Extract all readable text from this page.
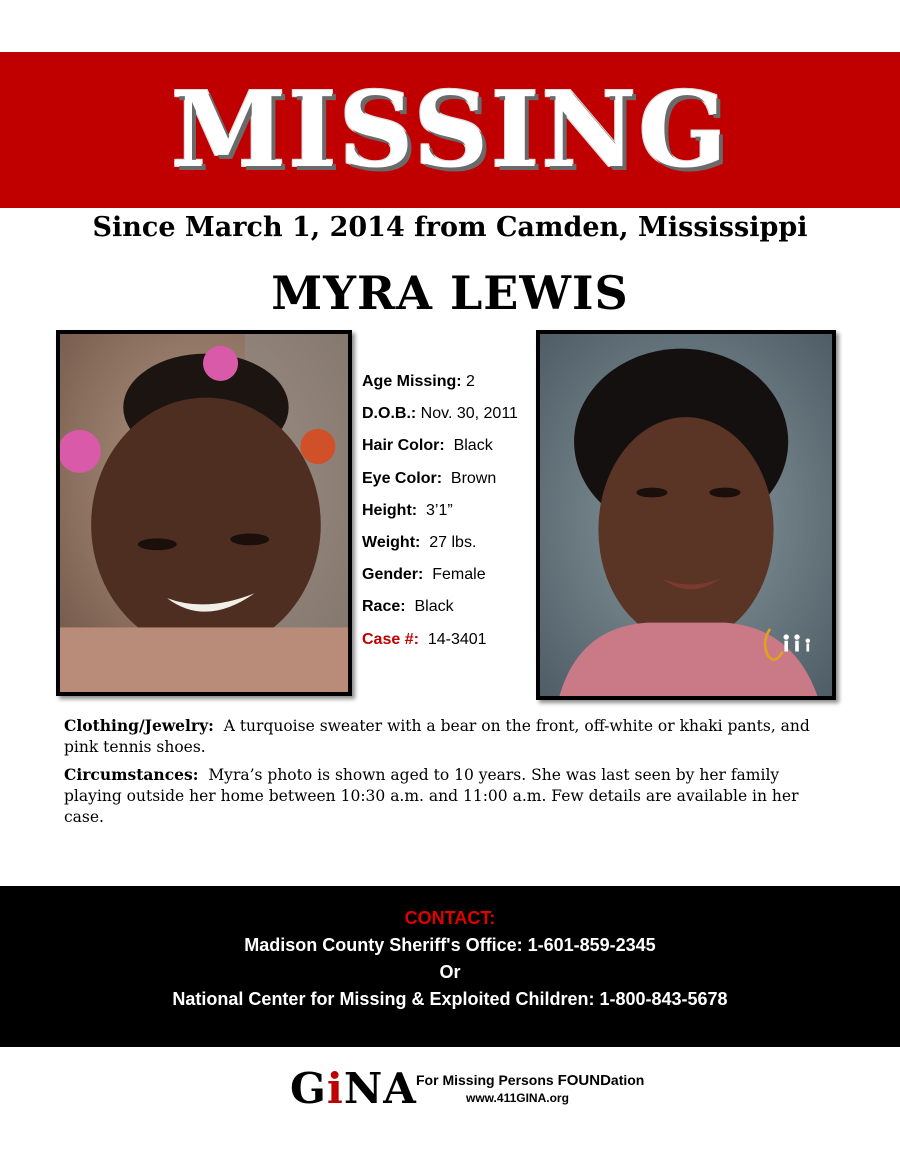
MISSING
Since March 1, 2014 from Camden, Mississippi
MYRA LEWIS
Age Missing: 2
D.O.B.: Nov. 30, 2011
Hair Color: Black
Eye Color: Brown
Height: 3’1”
Weight: 27 lbs.
Gender: Female
Race: Black
Case #: 14-3401

Clothing/Jewelry: A turquoise sweater with a bear on the front, off-white or khaki pants, and pink tennis shoes.

Circumstances: Myra’s photo is shown aged to 10 years. She was last seen by her family playing outside her home between 10:30 a.m. and 11:00 a.m. Few details are available in her case.

CONTACT:
Madison County Sheriff's Office: 1-601-859-2345
Or
National Center for Missing & Exploited Children: 1-800-843-5678
GiNA For Missing Persons FOUNDation
www.411GINA.org
